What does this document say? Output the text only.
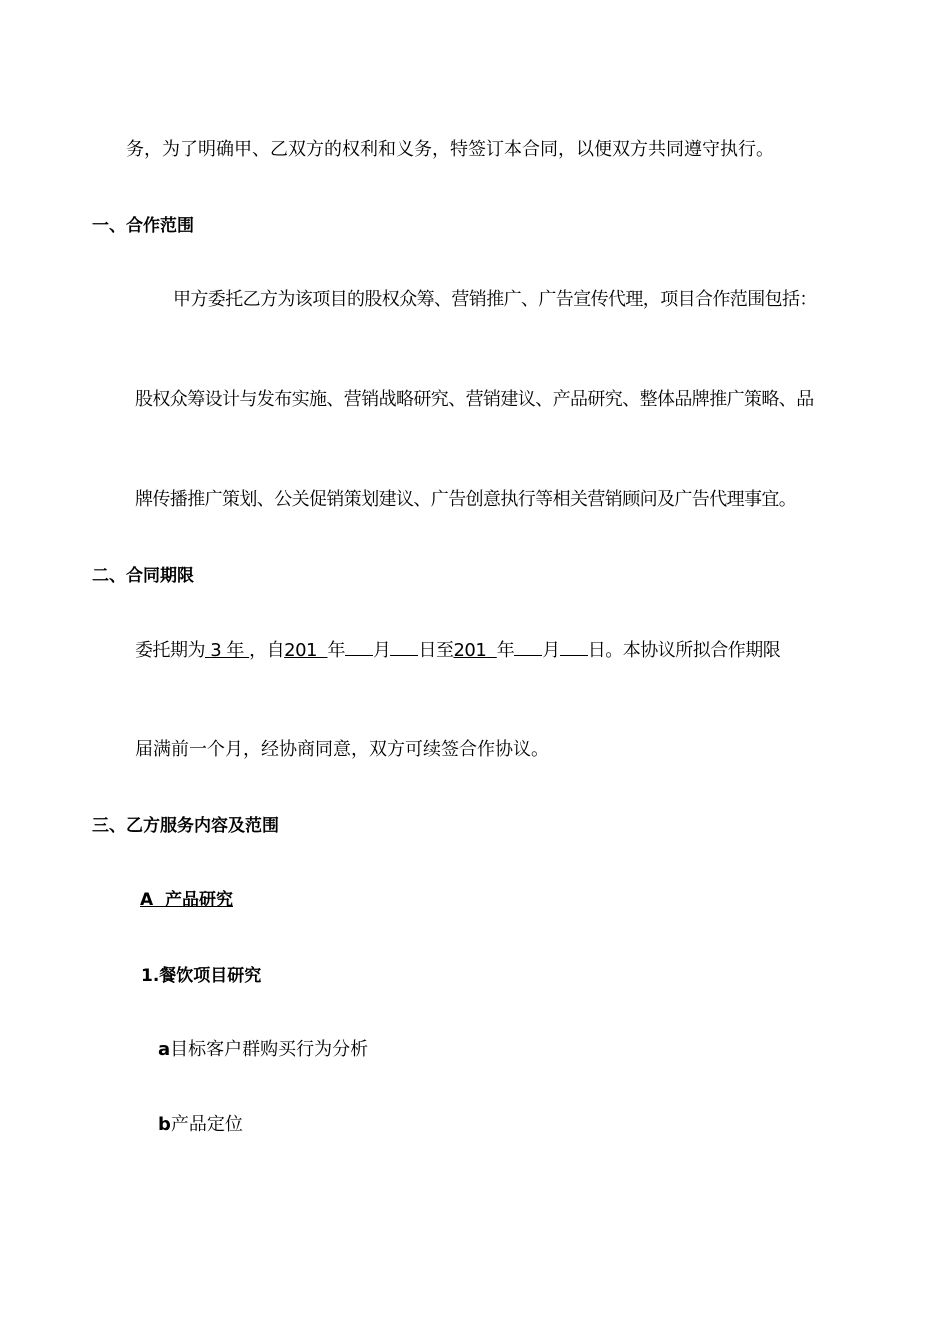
务，为了明确甲、乙双方的权利和义务，特签订本合同，以便双方共同遵守执行。
一、合作范围
甲方委托乙方为该项目的股权众筹、营销推广、广告宣传代理，项目合作范围包括：
股权众筹设计与发布实施、营销战略研究、营销建议、产品研究、整体品牌推广策略、品
牌传播推广策划、公关促销策划建议、广告创意执行等相关营销顾问及广告代理事宜。
二、合同期限
委托期为 3 年 ，自201 年 月 日至201 年 月 日。本协议所拟合作期限
届满前一个月，经协商同意，双方可续签合作协议。
三、乙方服务内容及范围
A  产品研究
1.餐饮项目研究
a目标客户群购买行为分析
b产品定位
